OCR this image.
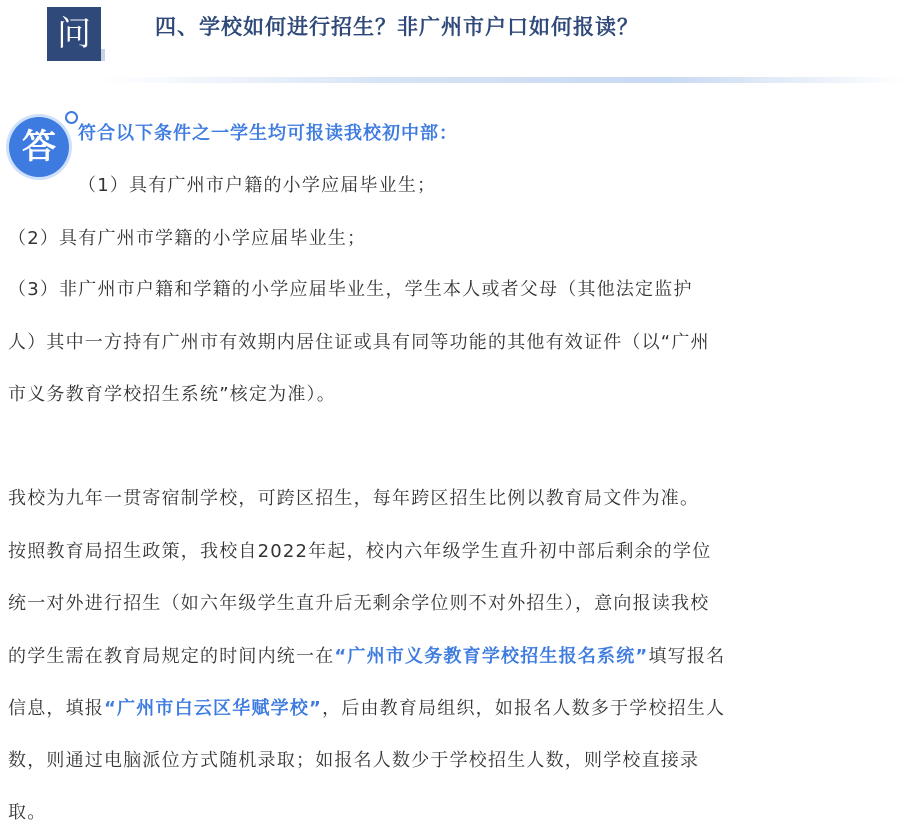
问	四、学校如何进行招生？非广州市户口如何报读？
答	符合以下条件之一学生均可报读我校初中部：
（1）具有广州市户籍的小学应届毕业生；
（2）具有广州市学籍的小学应届毕业生；
（3）非广州市户籍和学籍的小学应届毕业生，学生本人或者父母（其他法定监护
人）其中一方持有广州市有效期内居住证或具有同等功能的其他有效证件（以“广州
市义务教育学校招生系统”核定为准）。
我校为九年一贯寄宿制学校，可跨区招生，每年跨区招生比例以教育局文件为准。
按照教育局招生政策，我校自2022年起，校内六年级学生直升初中部后剩余的学位
统一对外进行招生（如六年级学生直升后无剩余学位则不对外招生），意向报读我校
的学生需在教育局规定的时间内统一在“广州市义务教育学校招生报名系统”填写报名
信息，填报“广州市白云区华赋学校”，后由教育局组织，如报名人数多于学校招生人
数，则通过电脑派位方式随机录取；如报名人数少于学校招生人数，则学校直接录
取。
